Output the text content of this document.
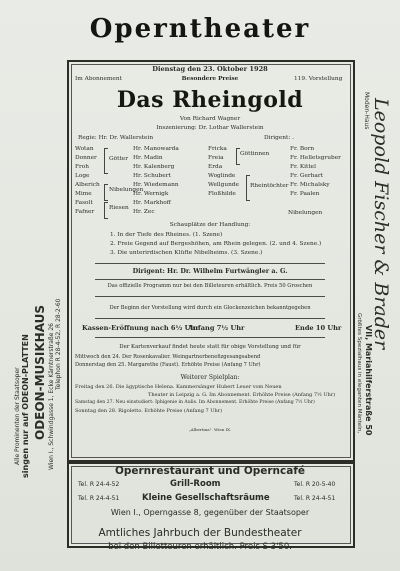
Operntheater
Alle Prominenten der Staatsoper singen nur auf ODEON-PLATTEN ODEON-MUSIKHAUS Wien I., Schwindgasse 1, Ecke Kärntnerstraße 26 Telephon R 28-4-52, R 28-2-60
Moden-Haus Leopold Fischer & Brader
VII, Mariahilferstraße 50
Größtes Spezialhaus in eleganten Mänteln,
Kleidern, Nachmittags- und Abendtoiletten
Dienstag den 23. Oktober 1928
Im Abonnement	Besondere Preise	119. Vorstellung
Das Rheingold
Von Richard Wagner
Inszenierung: Dr. Lothar Wallerstein
Regie: Hr. Dr. Wallerstein	Dirigent: .
Wotan	Hr. Manowarda
Donner	Hr. Madin
Froh	Hr. Kalenberg
Loge	Hr. Schubert
Alberich	Hr. Wiedemann
Mime	Hr. Wernigk
Fasolt	Hr. Markhoff
Fafner	Hr. Zec
Götter
Nibelungen
Riesen
Fricka	Fr. Born
Freia	Fr. Helletsgruber
Erda	Fr. Kittel
Woglinde	Fr. Gerhart
Wellgunde	Fr. Michalsky
Floßhilde	Fr. Paalen
Göttinnen
Rheintöchter
Nibelungen
Schauplätze der Handlung:
1. In der Tiefe des Rheines. (1. Szene)
2. Freie Gegend auf Bergeshöhen, am Rhein gelegen. (2. und 4. Szene.)
3. Die unterirdischen Klüfte Nibelheims. (3. Szene.)
Dirigent: Hr. Dr. Wilhelm Furtwängler a. G.
Das offizielle Programm nur bei den Billeteuren erhältlich. Preis 50 Groschen
Der Beginn der Vorstellung wird durch ein Glockenzeichen bekanntgegeben
Kassen-Eröffnung nach 6½ Uhr
Anfang 7½ Uhr	Ende 10 Uhr
Der Kartenverkauf findet heute statt für obige Vorstellung und für
Mittwoch den 24. Der Rosenkavalier. Weingartnerbenefizgesangsabend
Donnerstag den 25. Margarethe (Faust). Erhöhte Preise (Anfang 7 Uhr)
Weiterer Spielplan:
Freitag den 26. Die ägyptische Helena. Kammersänger Hubert Leuer vom Neuen
Theater in Leipzig a. G. Im Abonnement. Erhöhte Preise (Anfang 7½ Uhr)
Samstag den 27. Neu einstudiert: Iphigenie in Aulis. Im Abonnement. Erhöhte Preise (Anfang 7½ Uhr)
Sonntag den 28. Rigoletto. Erhöhte Preise (Anfang 7 Uhr)
„Albertina". Wien IX.
Opernrestaurant und Operncafé
Tel. R 24-4-52	Grill-Room	Tel. R 20-5-40
Tel. R 24-4-51	Kleine Gesellschaftsräume	Tel. R 24-4-51
Wien I., Operngasse 8, gegenüber der Staatsoper
Amtliches Jahrbuch der Bundestheater
bei den Billetteuren erhältlich. Preis S 3'50.
